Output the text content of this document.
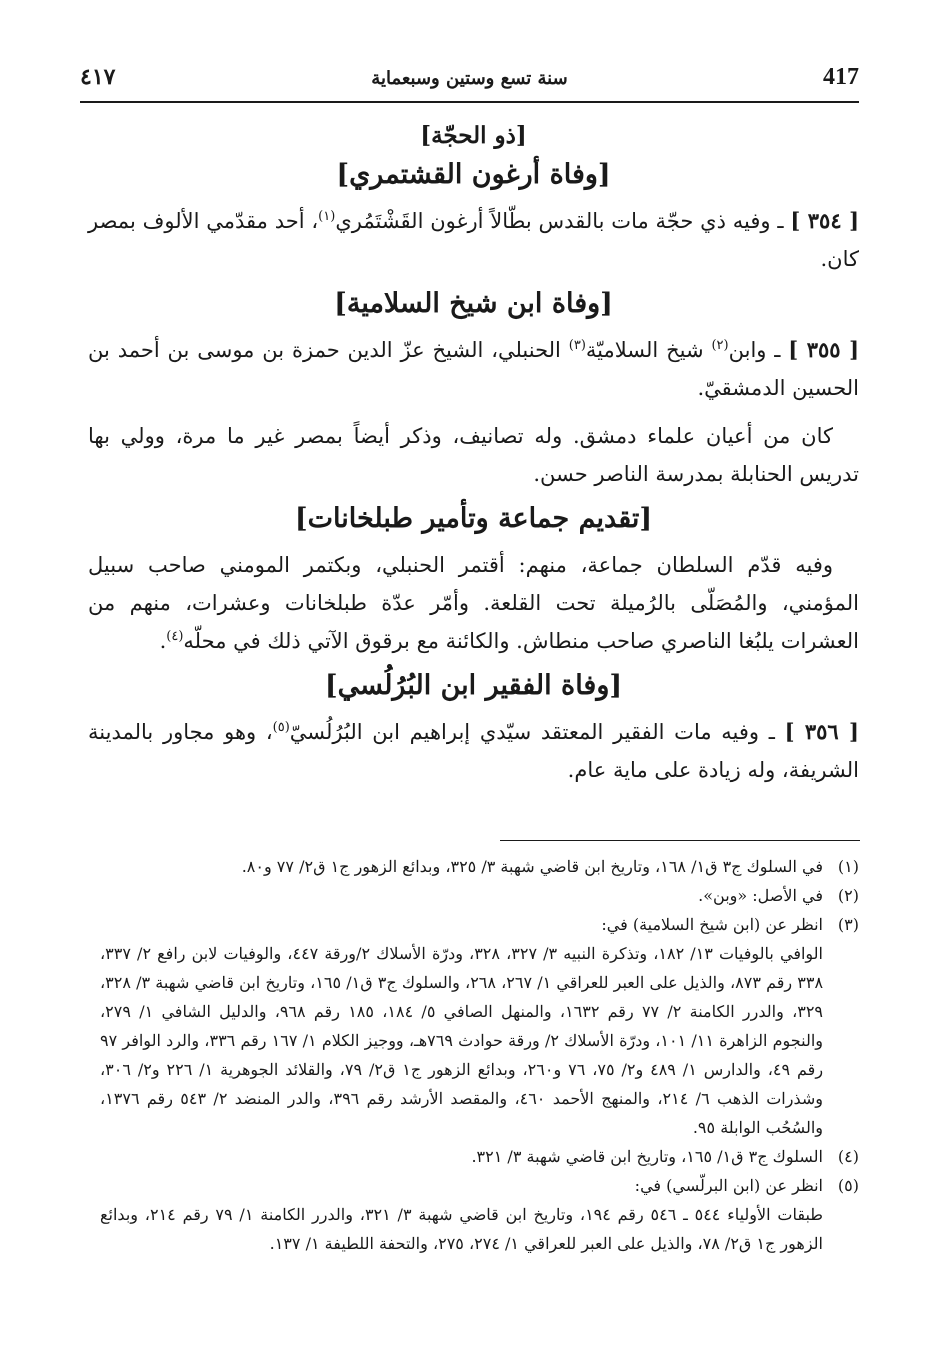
417
سنة تسع وستين وسبعماية
٤١٧
[ذو الحجّة]
[وفاة أرغون القشتمري]

[ ٣٥٤ ] ـ وفيه ذي حجّة مات بالقدس بطّالاً أرغون القَشْتَمُري$^{(١)}$، أحد مقدّمي الألوف بمصر كان.

[وفاة ابن شيخ السلامية]

[ ٣٥٥ ] ـ وابن$^{(٢)}$ شيخ السلاميّة$^{(٣)}$ الحنبلي، الشيخ عزّ الدين حمزة بن موسى بن أحمد بن الحسين الدمشقيّ.

كان من أعيان علماء دمشق. وله تصانيف، وذكر أيضاً بمصر غير ما مرة، وولي بها تدريس الحنابلة بمدرسة الناصر حسن.

[تقديم جماعة وتأمير طبلخانات]

وفيه قدّم السلطان جماعة، منهم: أقتمر الحنبلي، وبكتمر المومني صاحب سبيل المؤمني، والمُصَلّى بالرُميلة تحت القلعة. وأمّر عدّة طبلخانات وعشرات، منهم من العشرات يلبُغا الناصري صاحب منطاش. والكائنة مع برقوق الآتي ذلك في محلّه$^{(٤)}$.

[وفاة الفقير ابن البُرُلُسي]

[ ٣٥٦ ] ـ وفيه مات الفقير المعتقد سيّدي إبراهيم ابن البُرُلُسيّ$^{(٥)}$، وهو مجاور بالمدينة الشريفة، وله زيادة على ماية عام.

(١)
في السلوك ج٣ ق١/ ١٦٨، وتاريخ ابن قاضي شهبة ٣/ ٣٢٥، وبدائع الزهور ج١ ق٢/ ٧٧ و٨٠.
(٢)
في الأصل: «وبن».
(٣)
انظر عن (ابن شيخ السلامية) في:
الوافي بالوفيات ١٣/ ١٨٢، وتذكرة النبيه ٣/ ٣٢٧، ٣٢٨، ودرّة الأسلاك ٢/ورقة ٤٤٧، والوفيات لابن رافع ٢/ ٣٣٧، ٣٣٨ رقم ٨٧٣، والذيل على العبر للعراقي ١/ ٢٦٧، ٢٦٨، والسلوك ج٣ ق١/ ١٦٥، وتاريخ ابن قاضي شهبة ٣/ ٣٢٨، ٣٢٩، والدرر الكامنة ٢/ ٧٧ رقم ١٦٣٢، والمنهل الصافي ٥/ ١٨٤، ١٨٥ رقم ٩٦٨، والدليل الشافي ١/ ٢٧٩، والنجوم الزاهرة ١١/ ١٠١، ودرّة الأسلاك ٢/ ورقة حوادث ٧٦٩هـ، ووجيز الكلام ١/ ١٦٧ رقم ٣٣٦، والرد الوافر ٩٧ رقم ٤٩، والدارس ١/ ٤٨٩ و٢/ ٧٥، ٧٦ و٢٦٠، وبدائع الزهور ج١ ق٢/ ٧٩، والقلائد الجوهرية ١/ ٢٢٦ و٢/ ٣٠٦، وشذرات الذهب ٦/ ٢١٤، والمنهج الأحمد ٤٦٠، والمقصد الأرشد رقم ٣٩٦، والدر المنضد ٢/ ٥٤٣ رقم ١٣٧٦، والسُحُب الوابلة ٩٥.
(٤)
السلوك ج٣ ق١/ ١٦٥، وتاريخ ابن قاضي شهبة ٣/ ٣٢١.
(٥)
انظر عن (ابن البرلّسي) في:
طبقات الأولياء ٥٤٤ ـ ٥٤٦ رقم ١٩٤، وتاريخ ابن قاضي شهبة ٣/ ٣٢١، والدرر الكامنة ١/ ٧٩ رقم ٢١٤، وبدائع الزهور ج١ ق٢/ ٧٨، والذيل على العبر للعراقي ١/ ٢٧٤، ٢٧٥، والتحفة اللطيفة ١/ ١٣٧.
